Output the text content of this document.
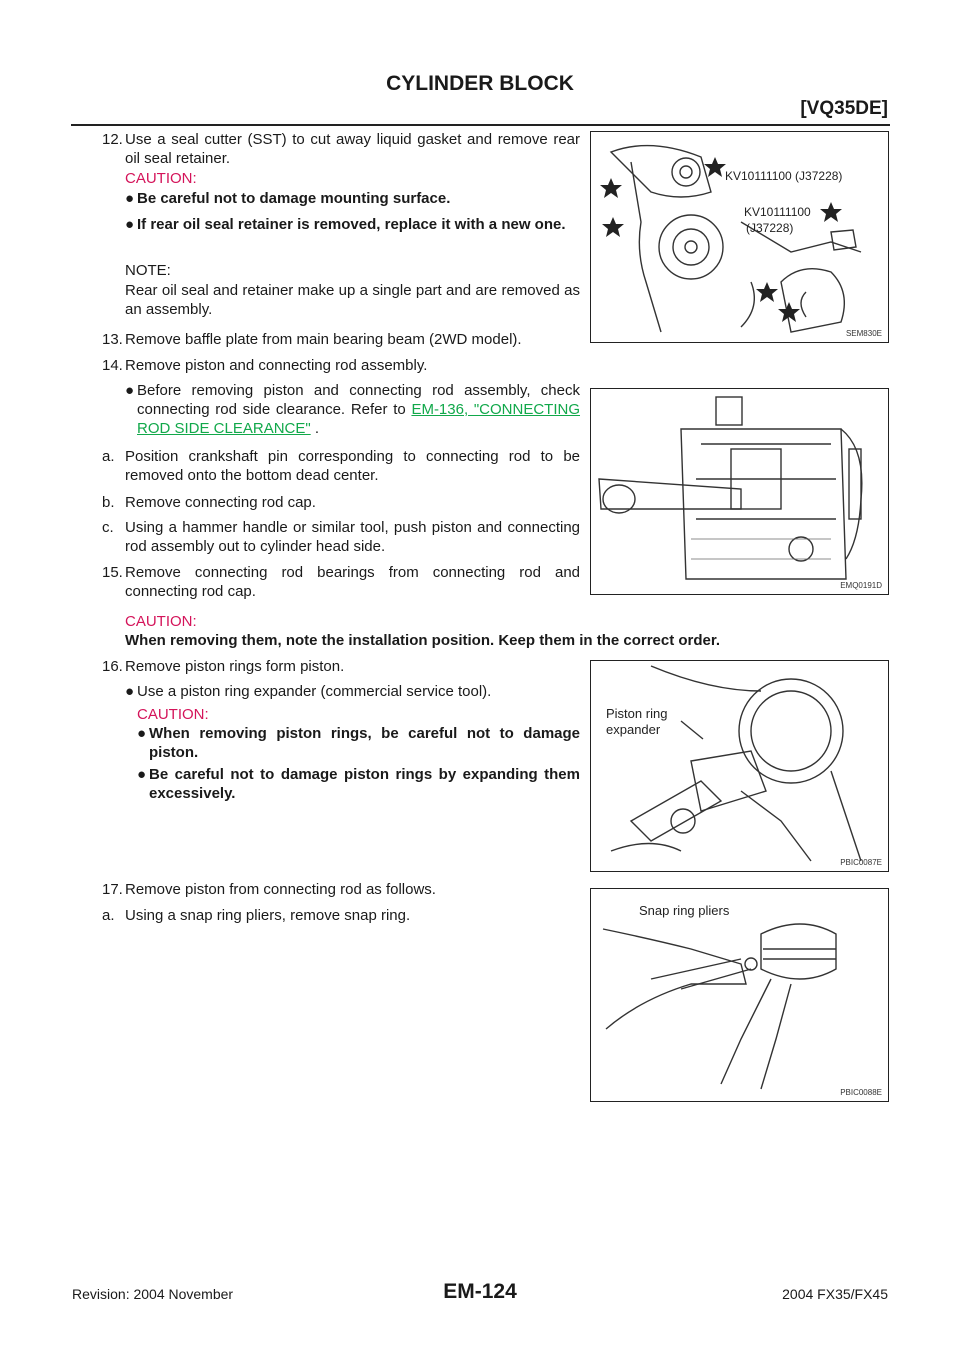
CYLINDER BLOCK
[VQ35DE]
12. Use a seal cutter (SST) to cut away liquid gasket and remove rear oil seal retainer.
CAUTION:
● Be careful not to damage mounting surface.
● If rear oil seal retainer is removed, replace it with a new one.
NOTE:
Rear oil seal and retainer make up a single part and are removed as an assembly.
13. Remove baffle plate from main bearing beam (2WD model).
14. Remove piston and connecting rod assembly.
● Before removing piston and connecting rod assembly, check connecting rod side clearance. Refer to EM-136, "CONNECTING ROD SIDE CLEARANCE" .
a. Position crankshaft pin corresponding to connecting rod to be removed onto the bottom dead center.
b. Remove connecting rod cap.
c. Using a hammer handle or similar tool, push piston and connecting rod assembly out to cylinder head side.
15. Remove connecting rod bearings from connecting rod and connecting rod cap.
CAUTION:
When removing them, note the installation position. Keep them in the correct order.
16. Remove piston rings form piston.
● Use a piston ring expander (commercial service tool).
CAUTION:
● When removing piston rings, be careful not to damage piston.
● Be careful not to damage piston rings by expanding them excessively.
17. Remove piston from connecting rod as follows.
a. Using a snap ring pliers, remove snap ring.
KV10111100 (J37228)
KV10111100
(J37228)
SEM830E
EMQ0191D
Piston ring
expander
PBIC0087E
Snap ring pliers
PBIC0088E
Revision: 2004 November	EM-124	2004 FX35/FX45
